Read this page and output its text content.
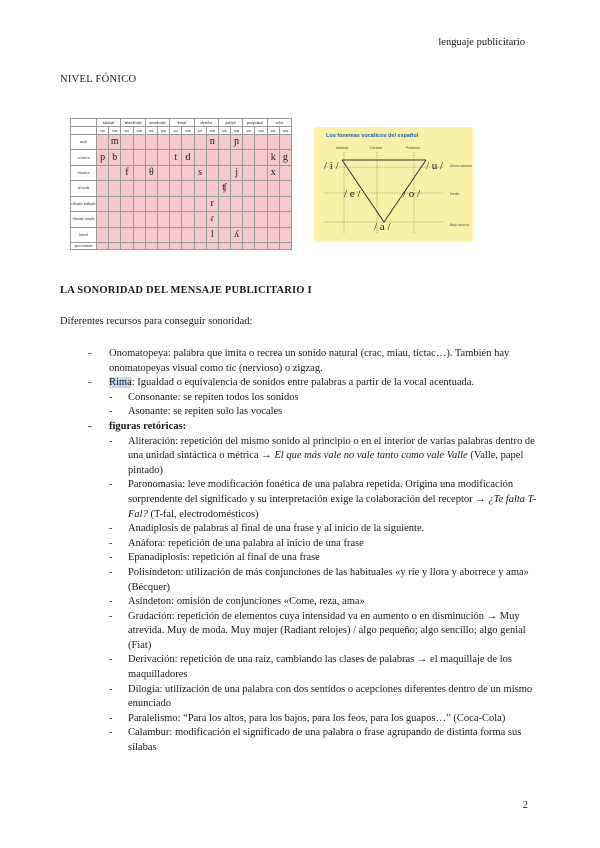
lenguaje publicitario
NIVEL FÓNICO
	bilabial		labiodental		interdental		dental		alveolar		palatal		postpalatal		velar	
	sor	son	sor	son	sor	son	sor	son	sor	son	sor	son	sor	son	sor	son
nasal		m								n		ɲ				
oclusiva	p	b					t	d							k	g
fricativa			f		θ				s			j			x	
africada											ʧ					
vibrante múltiple										r						
vibrante simple										ɾ						
lateral										l		ʎ				
aproximante																
Los fonemas vocálicos del español
Anterior	Central	Posterior
/ i /	/ u /
/ e /	/ o /
/ a /
Altura máxima
Media
Baja mínima
LA SONORIDAD DEL MENSAJE PUBLICITARIO I
Diferentes recursos para conseguir sonoridad:
- Onomatopeya: palabra que imita o recrea un sonido natural (crac, miau, tictac…). También hay onomatopeyas visual como tic (nervioso) o zigzag.
- Rima: Igualdad o equivalencia de sonidos entre palabras a partir de la vocal acentuada.
- Consonante: se repiten todos los sonidos
- Asonante: se repiten solo las vocales
- figuras retóricas:
- Aliteración: repetición del mismo sonido al principio o en el interior de varias palabras dentro de una unidad sintáctica o métrica → El que más vale no vale tanto como vale Valle (Valle, papel pintado)
- Paronomasia: leve modificación fonética de una palabra repetida. Origina una modificación sorprendente del significado y su interpretación exige la colaboración del receptor → ¿Te falta T-Fal? (T-fal, electrodomésticos)
- Anadiplosis de palabras al final de una frase y al inicio de la siguiente.
- Anáfora: repetición de una palabra al inicio de una frase
- Epanadiplosis: repetición al final de una frase
- Polisíndeton: utilización de más conjunciones de las habituales «y ríe y llora y aborrece y ama» (Bécquer)
- Asíndeton: omisión de conjunciones «Come, reza, ama»
- Gradación: repetición de elementos cuya intensidad va en aumento o en disminución → Muy atrevida. Muy de moda. Muy mujer (Radiant relojes) / algo pequeño; algo sencillo; algo genial (Fiat)
- Derivación: repetición de una raíz, cambiando las clases de palabras → el maquillaje de los maquilladores
- Dilogía: utilización de una palabra con dos sentidos o acepciones diferentes dentro de un mismo enunciado
- Paralelismo: “Para los altos, para los bajos, para los feos, para los guapos…” (Coca-Cola)
- Calambur: modificación el significado de una palabra o frase agrupando de distinta forma sus sílabas
2
